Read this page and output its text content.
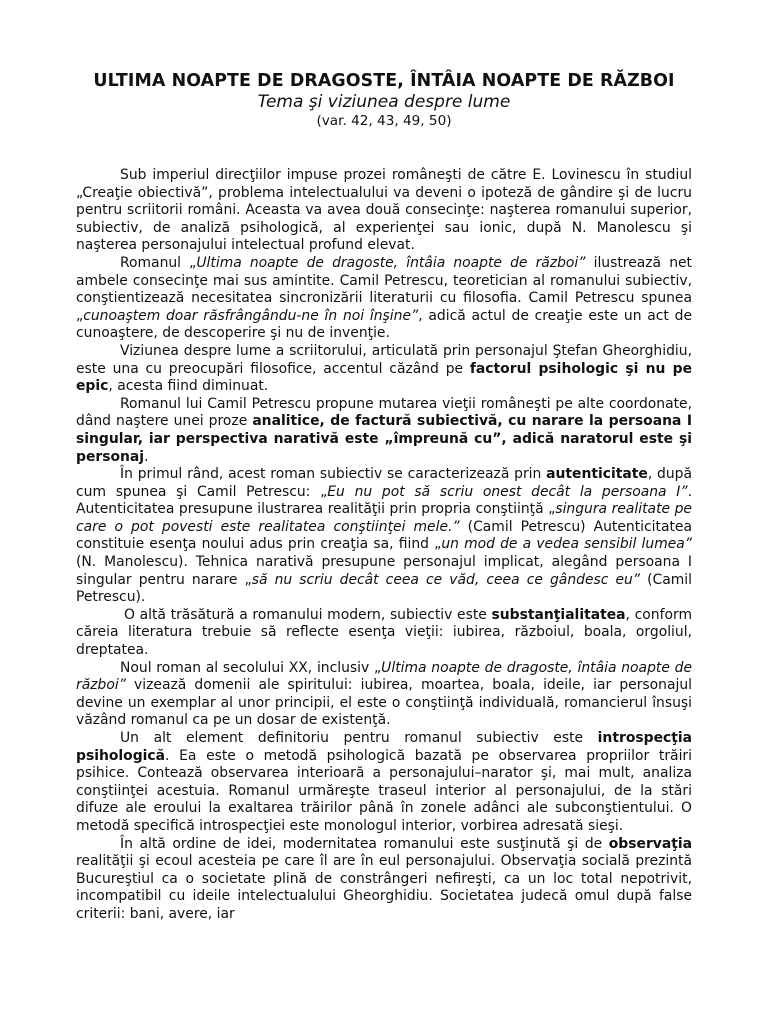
ULTIMA NOAPTE DE DRAGOSTE, ÎNTÂIA NOAPTE DE RĂZBOI

Tema şi viziunea despre lume

(var. 42, 43, 49, 50)

Sub imperiul direcţiilor impuse prozei româneşti de către E. Lovinescu în studiul „Creaţie obiectivă”, problema intelectualului va deveni o ipoteză de gândire şi de lucru pentru scriitorii români. Aceasta va avea două consecinţe: naşterea romanului superior, subiectiv, de analiză psihologică, al experienţei sau ionic, după N. Manolescu şi naşterea personajului intelectual profund elevat.

Romanul „Ultima noapte de dragoste, întâia noapte de război” ilustrează net ambele consecinţe mai sus amintite. Camil Petrescu, teoretician al romanului subiectiv, conştientizează necesitatea sincronizării literaturii cu filosofia. Camil Petrescu spunea „cunoaştem doar răsfrângându-ne în noi înşine”, adică actul de creaţie este un act de cunoaştere, de descoperire şi nu de invenţie.

Viziunea despre lume a scriitorului, articulată prin personajul Ştefan Gheorghidiu, este una cu preocupări filosofice, accentul căzând pe factorul psihologic şi nu pe epic, acesta fiind diminuat.

Romanul lui Camil Petrescu propune mutarea vieţii româneşti pe alte coordonate, dând naştere unei proze analitice, de factură subiectivă, cu narare la persoana I singular, iar perspectiva narativă este „împreună cu”, adică naratorul este şi personaj.

În primul rând, acest roman subiectiv se caracterizează prin autenticitate, după cum spunea şi Camil Petrescu: „Eu nu pot să scriu onest decât la persoana I”. Autenticitatea presupune ilustrarea realităţii prin propria conştiinţă „singura realitate pe care o pot povesti este realitatea conştiinţei mele.” (Camil Petrescu) Autenticitatea constituie esenţa noului adus prin creaţia sa, fiind „un mod de a vedea sensibil lumea” (N. Manolescu). Tehnica narativă presupune personajul implicat, alegând persoana I singular pentru narare „să nu scriu decât ceea ce văd, ceea ce gândesc eu” (Camil Petrescu).

O altă trăsătură a romanului modern, subiectiv este substanţialitatea, conform căreia literatura trebuie să reflecte esenţa vieţii: iubirea, războiul, boala, orgoliul, dreptatea.

Noul roman al secolului XX, inclusiv „Ultima noapte de dragoste, întâia noapte de război” vizează domenii ale spiritului: iubirea, moartea, boala, ideile, iar personajul devine un exemplar al unor principii, el este o conştiinţă individuală, romancierul însuşi văzând romanul ca pe un dosar de existenţă.

Un alt element definitoriu pentru romanul subiectiv este introspecţia psihologică. Ea este o metodă psihologică bazată pe observarea propriilor trăiri psihice. Contează observarea interioară a personajului–narator şi, mai mult, analiza conştiinţei acestuia. Romanul urmăreşte traseul interior al personajului, de la stări difuze ale eroului la exaltarea trăirilor până în zonele adânci ale subconştientului. O metodă specifică introspecţiei este monologul interior, vorbirea adresată sieşi.

În altă ordine de idei, modernitatea romanului este susţinută şi de observaţia realităţii şi ecoul acesteia pe care îl are în eul personajului. Observaţia socială prezintă Bucureştiul ca o societate plină de constrângeri nefireşti, ca un loc total nepotrivit, incompatibil cu ideile intelectualului Gheorghidiu. Societatea judecă omul după false criterii: bani, avere, iar
